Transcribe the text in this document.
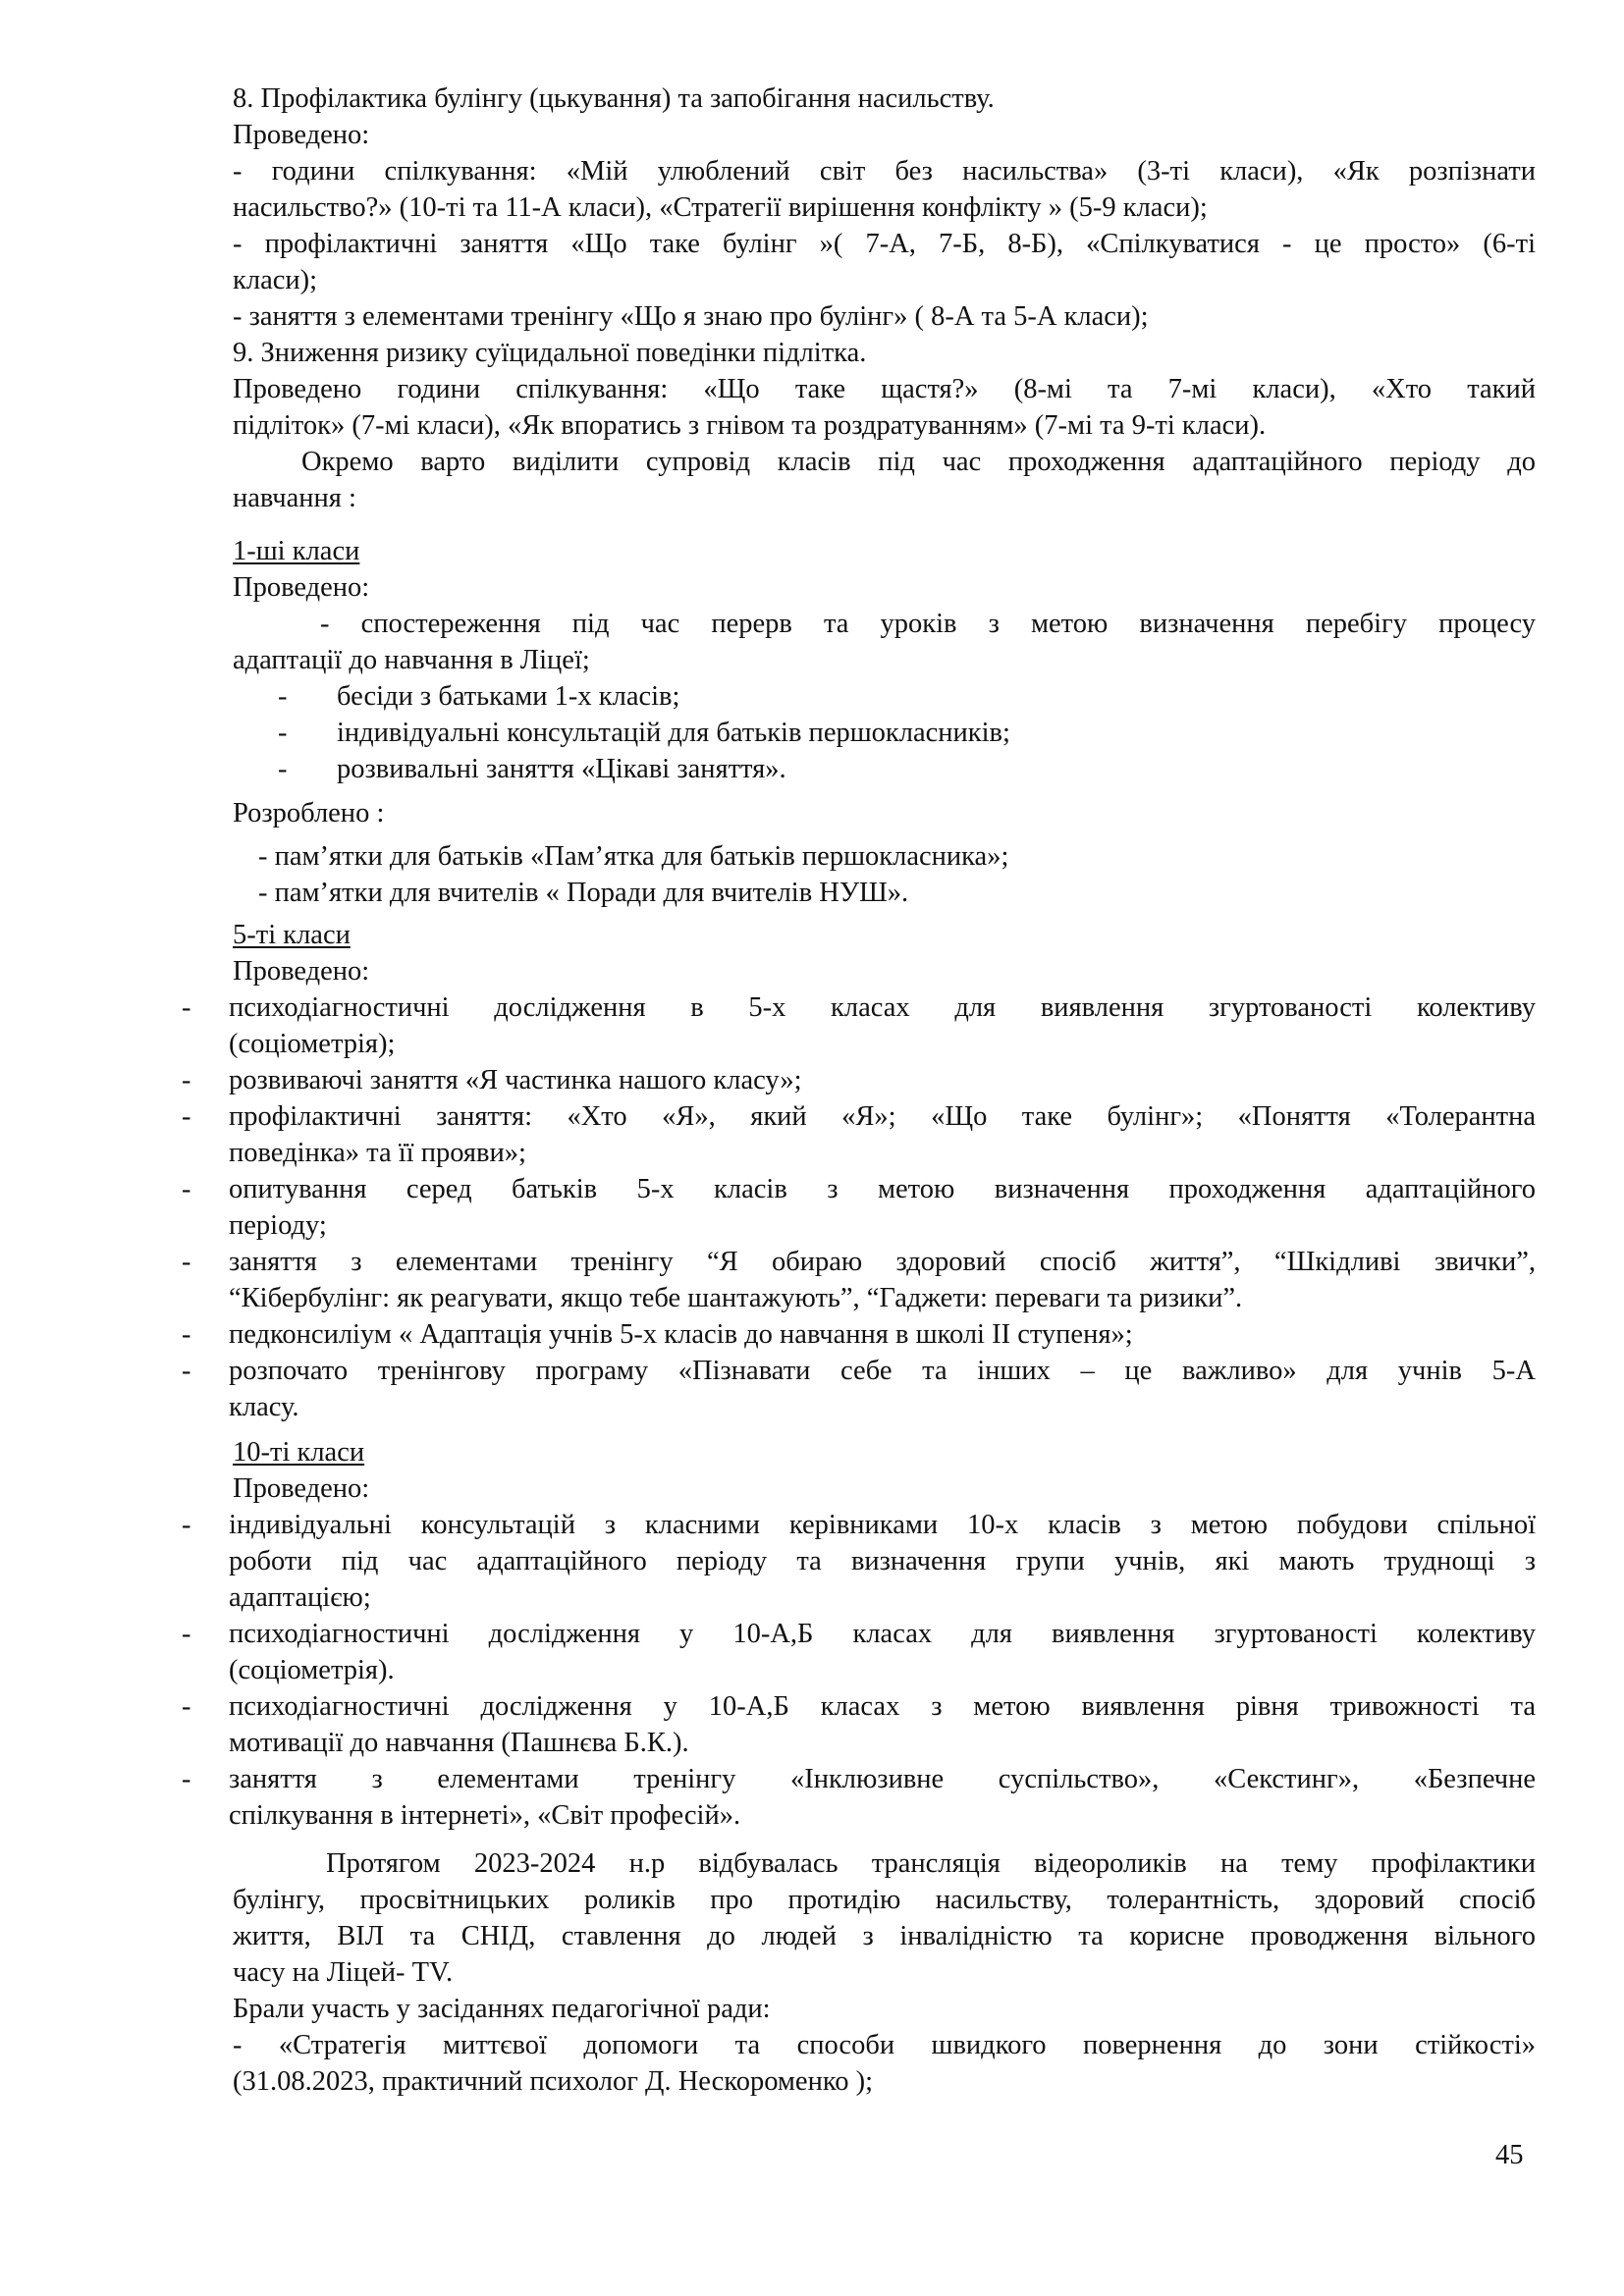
8. Профілактика булінгу (цькування) та запобігання насильству.
Проведено:
- години спілкування: «Мій улюблений світ без насильства» (3-ті класи), «Як розпізнати
насильство?» (10-ті та 11-А класи), «Стратегії вирішення конфлікту » (5-9 класи);
- профілактичні заняття «Що таке булінг »( 7-А, 7-Б, 8-Б), «Спілкуватися - це просто» (6-ті
класи);
- заняття з елементами тренінгу «Що я знаю про булінг» ( 8-А та 5-А класи);
9. Зниження ризику суїцидальної поведінки підлітка.
Проведено години спілкування: «Що таке щастя?» (8-мі та 7-мі класи), «Хто такий
підліток» (7-мі класи), «Як впоратись з гнівом та роздратуванням» (7-мі та 9-ті класи).
Окремо варто виділити супровід класів під час проходження адаптаційного періоду до
навчання :
1-ші класи
Проведено:
- спостереження під час перерв та уроків з метою визначення перебігу процесу
адаптації до навчання в Ліцеї;
-	бесіди з батьками 1-х класів;
-	індивідуальні консультацій для батьків першокласників;
-	розвивальні заняття «Цікаві заняття».
Розроблено :
- пам’ятки для батьків «Пам’ятка для батьків першокласника»;
- пам’ятки для вчителів « Поради для вчителів НУШ».
5-ті класи
Проведено:
- психодіагностичні дослідження в 5-х класах для виявлення згуртованості колективу
(соціометрія);
- розвиваючі заняття «Я частинка нашого класу»;
- профілактичні заняття: «Хто «Я», який «Я»; «Що таке булінг»; «Поняття «Толерантна
поведінка» та її прояви»;
- опитування серед батьків 5-х класів з метою визначення проходження адаптаційного
періоду;
- заняття з елементами тренінгу “Я обираю здоровий спосіб життя”, “Шкідливі звички”,
“Кібербулінг: як реагувати, якщо тебе шантажують”, “Гаджети: переваги та ризики”.
- педконсиліум « Адаптація учнів 5-х класів до навчання в школі ІІ ступеня»;
- розпочато тренінгову програму «Пізнавати себе та інших – це важливо» для учнів 5-А
класу.
10-ті класи
Проведено:
- індивідуальні консультацій з класними керівниками 10-х класів з метою побудови спільної
роботи під час адаптаційного періоду та визначення групи учнів, які мають труднощі з
адаптацією;
- психодіагностичні дослідження у 10-А,Б класах для виявлення згуртованості колективу
(соціометрія).
- психодіагностичні дослідження у 10-А,Б класах з метою виявлення рівня тривожності та
мотивації до навчання (Пашнєва Б.К.).
- заняття з елементами тренінгу «Інклюзивне суспільство», «Секстинг», «Безпечне
спілкування в інтернеті», «Світ професій».
Протягом 2023-2024 н.р відбувалась трансляція відеороликів на тему профілактики
булінгу, просвітницьких роликів про протидію насильству, толерантність, здоровий спосіб
життя, ВІЛ та СНІД, ставлення до людей з інвалідністю та корисне проводження вільного
часу на Ліцей- TV.
Брали участь у засіданнях педагогічної ради:
- «Стратегія миттєвої допомоги та способи швидкого повернення до зони стійкості»
(31.08.2023, практичний психолог Д. Нескороменко );
45
